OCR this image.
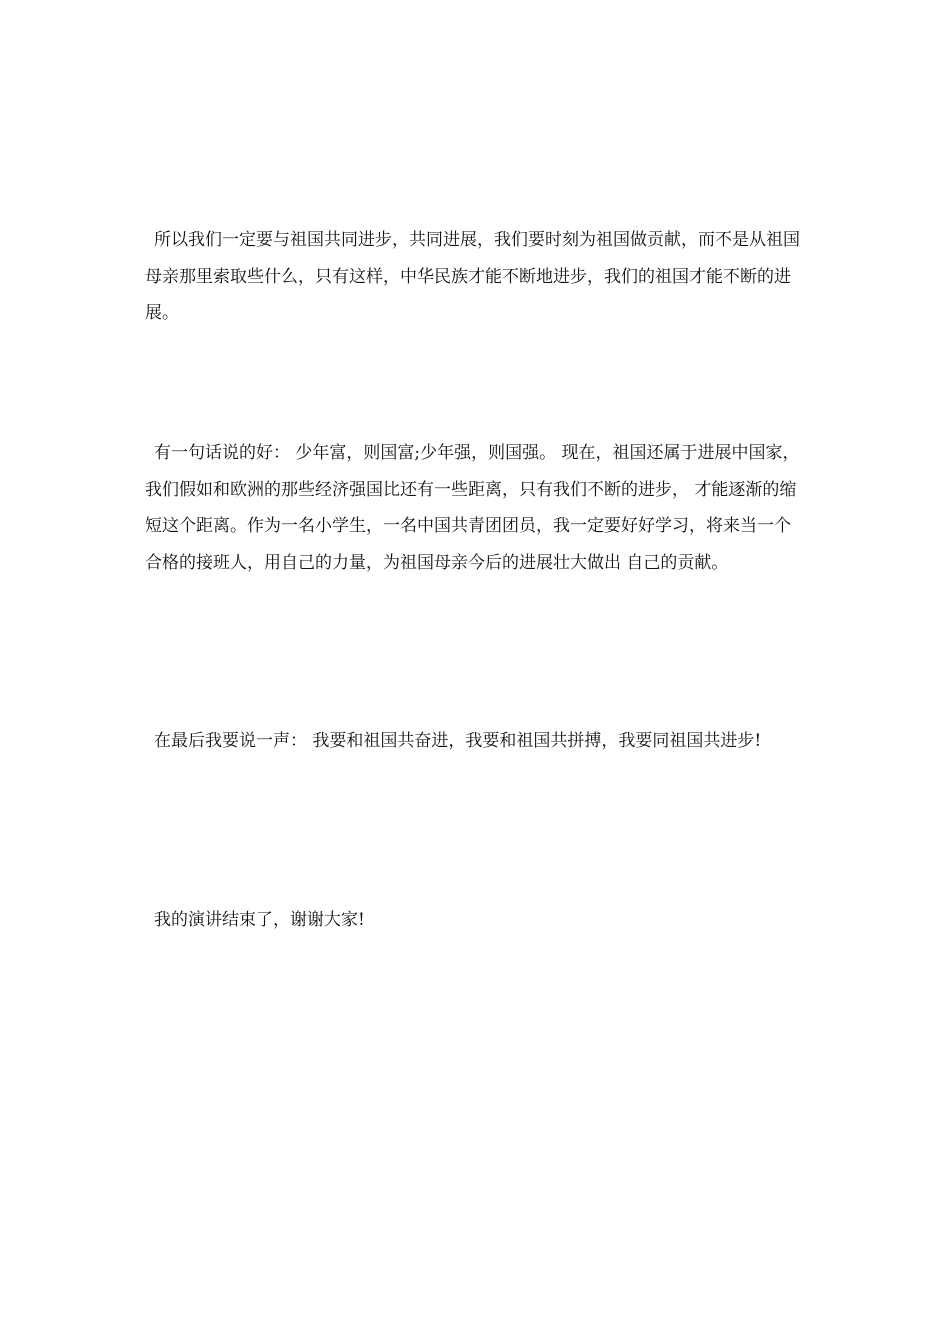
所以我们一定要与祖国共同进步，共同进展，我们要时刻为祖国做贡献，而不是从祖国母亲那里索取些什么，只有这样，中华民族才能不断地进步，我们的祖国才能不断的进展。

有一句话说的好： 少年富，则国富;少年强，则国强。 现在，祖国还属于进展中国家，我们假如和欧洲的那些经济强国比还有一些距离，只有我们不断的进步， 才能逐渐的缩短这个距离。作为一名小学生，一名中国共青团团员，我一定要好好学习，将来当一个合格的接班人，用自己的力量，为祖国母亲今后的进展壮大做出 自己的贡献。

在最后我要说一声： 我要和祖国共奋进，我要和祖国共拼搏，我要同祖国共进步!

我的演讲结束了，谢谢大家!
